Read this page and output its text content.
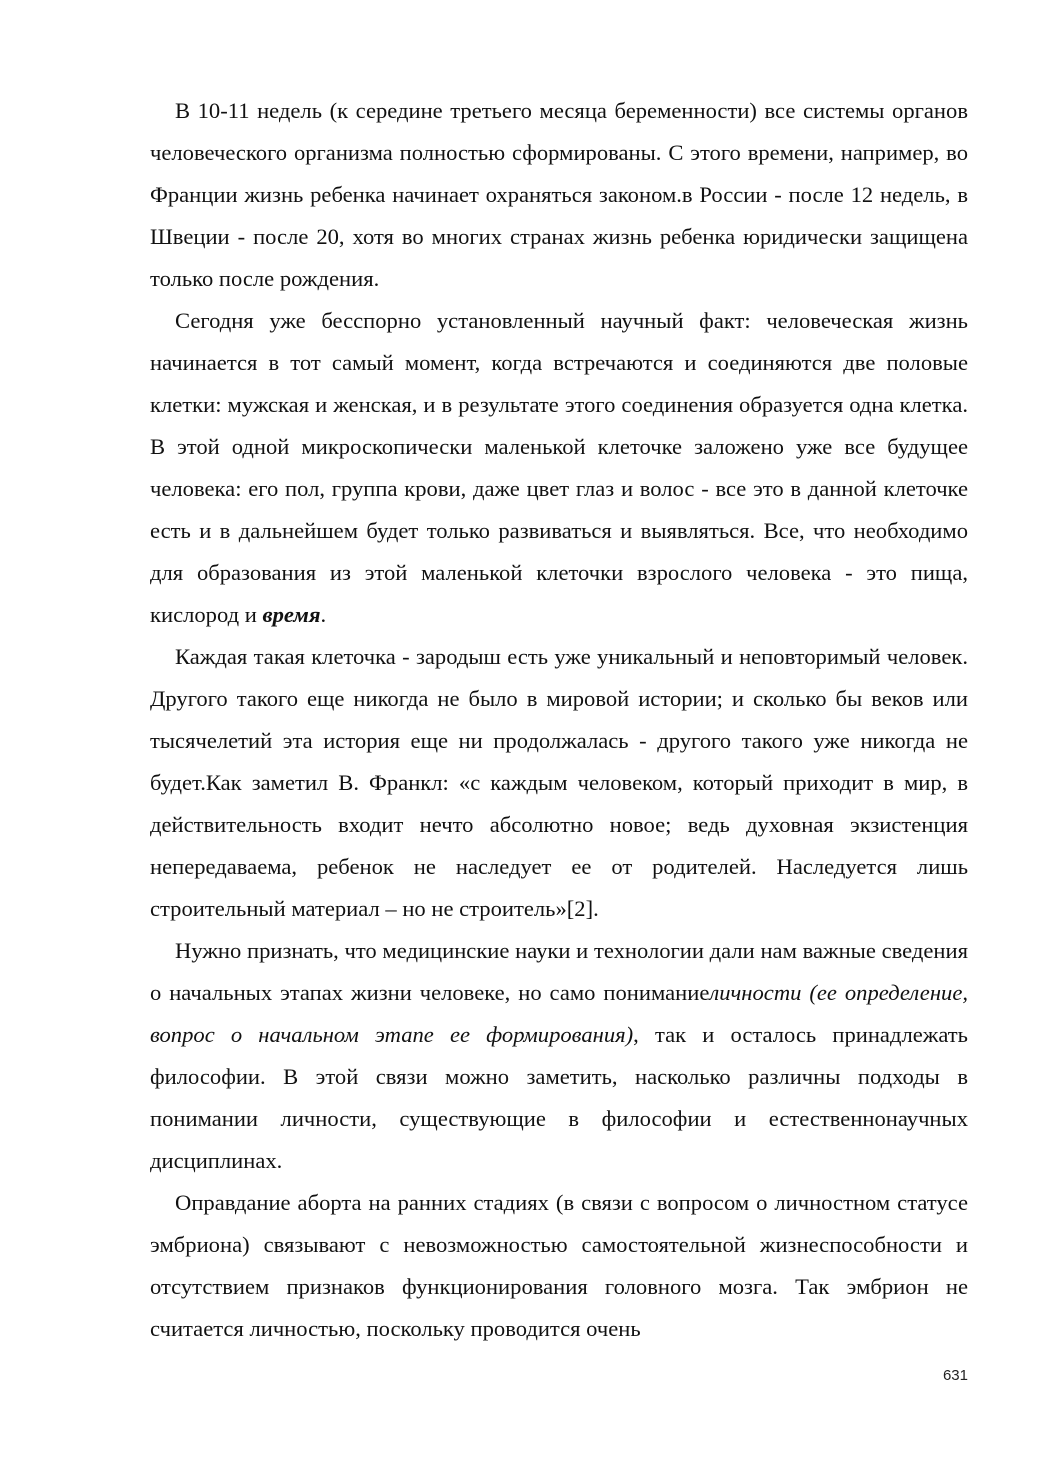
В 10-11 недель (к середине третьего месяца беременности) все системы органов человеческого организма полностью сформированы. С этого времени, например, во Франции жизнь ребенка начинает охраняться законом.в России - после 12 недель, в Швеции - после 20, хотя во многих странах жизнь ребенка юридически защищена только после рождения.

Сегодня уже бесспорно установленный научный факт: человеческая жизнь начинается в тот самый момент, когда встречаются и соединяются две половые клетки: мужская и женская, и в результате этого соединения образуется одна клетка. В этой одной микроскопически маленькой клеточке заложено уже все будущее человека: его пол, группа крови, даже цвет глаз и волос - все это в данной клеточке есть и в дальнейшем будет только развиваться и выявляться. Все, что необходимо для образования из этой маленькой клеточки взрослого человека - это пища, кислород и время.

Каждая такая клеточка - зародыш есть уже уникальный и неповторимый человек. Другого такого еще никогда не было в мировой истории; и сколько бы веков или тысячелетий эта история еще ни продолжалась - другого такого уже никогда не будет.Как заметил В. Франкл: «с каждым человеком, который приходит в мир, в действительность входит нечто абсолютно новое; ведь духовная экзистенция непередаваема, ребенок не наследует ее от родителей. Наследуется лишь строительный материал – но не строитель»[2].

Нужно признать, что медицинские науки и технологии дали нам важные сведения о начальных этапах жизни человеке, но само пониманиеличности (ее определение, вопрос о начальном этапе ее формирования), так и осталось принадлежать философии. В этой связи можно заметить, насколько различны подходы в понимании личности, существующие в философии и естественнонаучных дисциплинах.

Оправдание аборта на ранних стадиях (в связи с вопросом о личностном статусе эмбриона) связывают с невозможностью самостоятельной жизнеспособности и отсутствием признаков функционирования головного мозга. Так эмбрион не считается личностью, поскольку проводится очень

631
